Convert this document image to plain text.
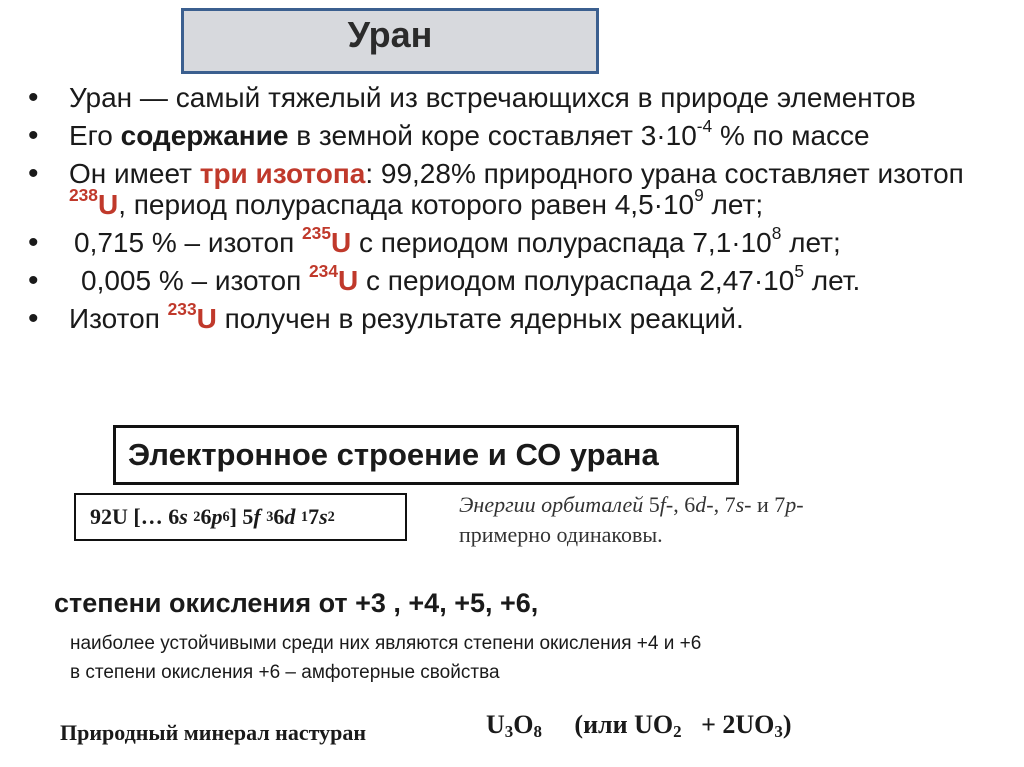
Уран
• Уран — самый тяжелый из встречающихся в природе элементов
• Его содержание в земной коре составляет $3\cdot 10^{-4}$ % по массе
• Он имеет три изотопа: 99,28% природного урана составляет изотоп $^{238}$U, период полураспада которого равен $4,5\cdot 10^9$ лет;
• 0,715 % – изотоп $^{235}$U с периодом полураспада $7,1\cdot 10^8$ лет;
• 0,005 % – изотоп $^{234}$U с периодом полураспада $2,47\cdot 10^5$ лет.
• Изотоп $^{233}$U получен в результате ядерных реакций.
Электронное строение и СО урана
92U [… 6 s
2 6 p 6 ] 5 f
3 6 d
1 7 s 2	Энергии орбиталей 5f-, 6d-, 7s- и 7p-
примерно одинаковы.
степени окисления от +3 , +4, +5, +6,
наиболее устойчивыми среди них являются степени окисления +4 и +6
в степени окисления +6 – амфотерные свойства
Природный минерал настуран	$U_3O_8$ (или $UO_2 + 2UO_3$)
